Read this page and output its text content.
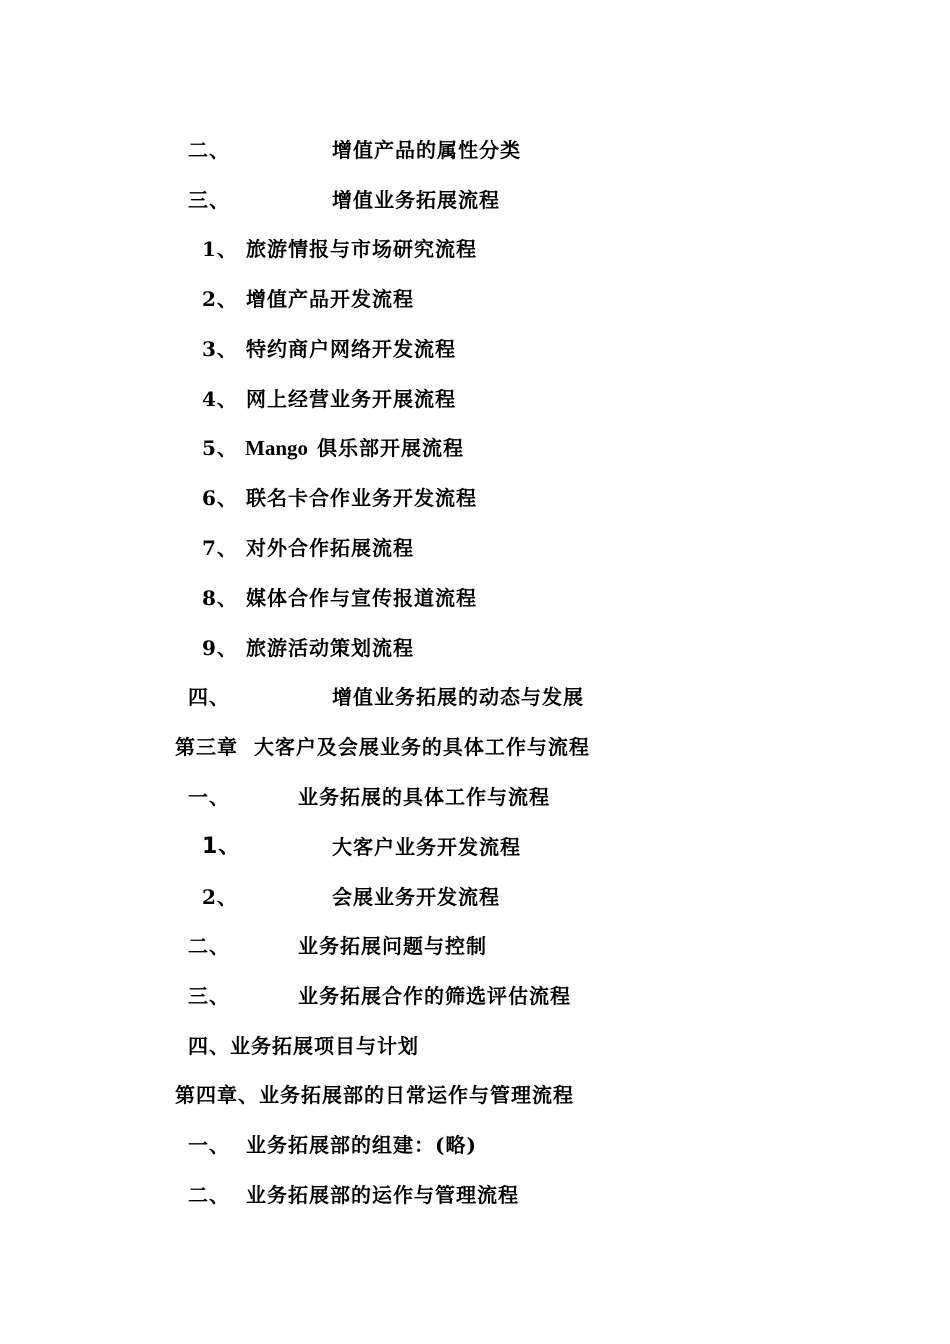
二、	增值产品的属性分类
三、	增值业务拓展流程
1、 旅游情报与市场研究流程
2、 增值产品开发流程
3、 特约商户网络开发流程
4、 网上经营业务开展流程
5、 Mango 俱乐部开展流程
6、 联名卡合作业务开发流程
7、 对外合作拓展流程
8、 媒体合作与宣传报道流程
9、 旅游活动策划流程
四、	增值业务拓展的动态与发展
第三章  大客户及会展业务的具体工作与流程
一、	业务拓展的具体工作与流程
1、	大客户业务开发流程
2、	会展业务开发流程
二、	业务拓展问题与控制
三、	业务拓展合作的筛选评估流程
四、业务拓展项目与计划
第四章、业务拓展部的日常运作与管理流程
一、 业务拓展部的组建：(略)
二、 业务拓展部的运作与管理流程
